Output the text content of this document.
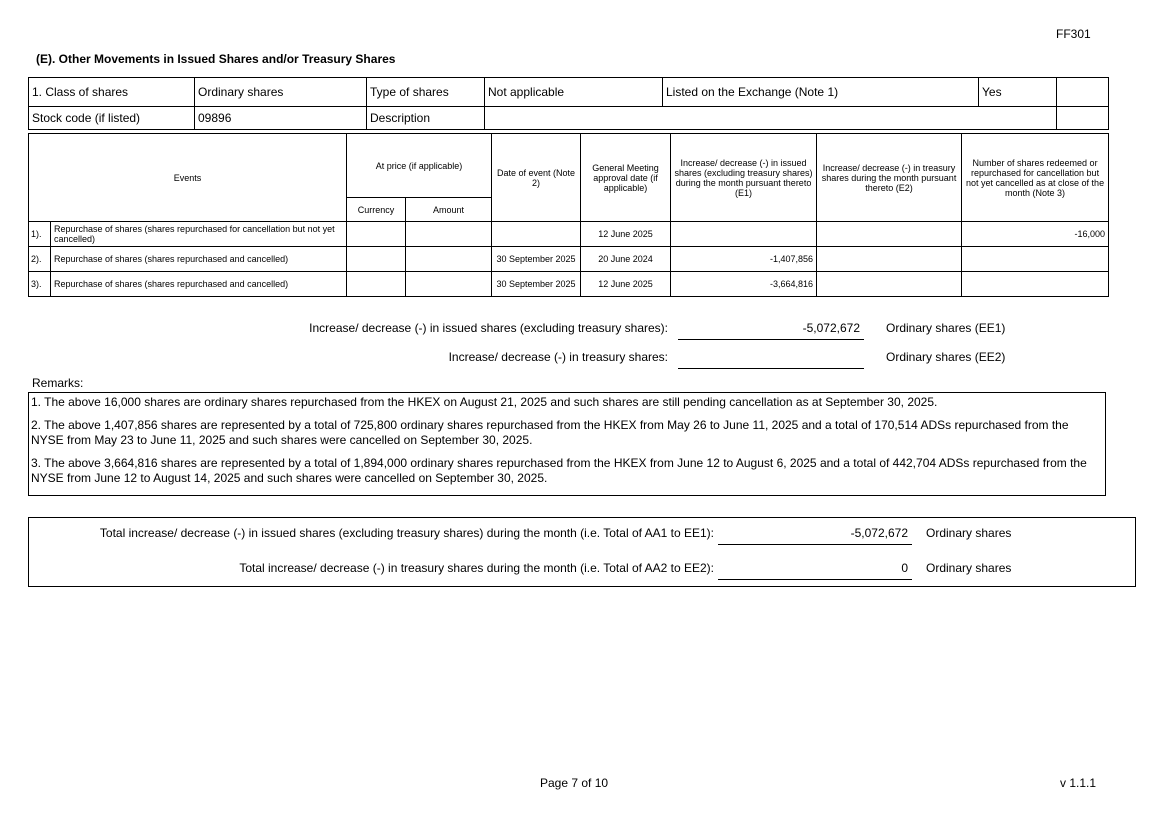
FF301
(E). Other Movements in Issued Shares and/or Treasury Shares
1. Class of shares	Ordinary shares	Type of shares	Not applicable	Listed on the Exchange (Note 1)	Yes	
Stock code (if listed)	09896	Description				
Events		At price (if applicable)		Date of event (Note 2)	General Meeting approval date (if applicable)	Increase/ decrease (-) in issued shares (excluding treasury shares) during the month pursuant thereto (E1)	Increase/ decrease (-) in treasury shares during the month pursuant thereto (E2)	Number of shares redeemed or repurchased for cancellation but not yet cancelled as at close of the month (Note 3)
		Currency	Amount					
1).	Repurchase of shares (shares repurchased for cancellation but not yet cancelled)				12 June 2025			-16,000
2).	Repurchase of shares (shares repurchased and cancelled)			30 September 2025	20 June 2024	-1,407,856		
3).	Repurchase of shares (shares repurchased and cancelled)			30 September 2025	12 June 2025	-3,664,816		
Increase/ decrease (-) in issued shares (excluding treasury shares):	-5,072,672	Ordinary shares (EE1)
Increase/ decrease (-) in treasury shares:	Ordinary shares (EE2)
Remarks:

1. The above 16,000 shares are ordinary shares repurchased from the HKEX on August 21, 2025 and such shares are still pending cancellation as at September 30, 2025.

2. The above 1,407,856 shares are represented by a total of 725,800 ordinary shares repurchased from the HKEX from May 26 to June 11, 2025 and a total of 170,514 ADSs repurchased from the NYSE from May 23 to June 11, 2025 and such shares were cancelled on September 30, 2025.

3. The above 3,664,816 shares are represented by a total of 1,894,000 ordinary shares repurchased from the HKEX from June 12 to August 6, 2025 and a total of 442,704 ADSs repurchased from the NYSE from June 12 to August 14, 2025 and such shares were cancelled on September 30, 2025.

Total increase/ decrease (-) in issued shares (excluding treasury shares) during the month (i.e. Total of AA1 to EE1):	-5,072,672	Ordinary shares
Total increase/ decrease (-) in treasury shares during the month (i.e. Total of AA2 to EE2):	0	Ordinary shares
Page 7 of 10	v 1.1.1
